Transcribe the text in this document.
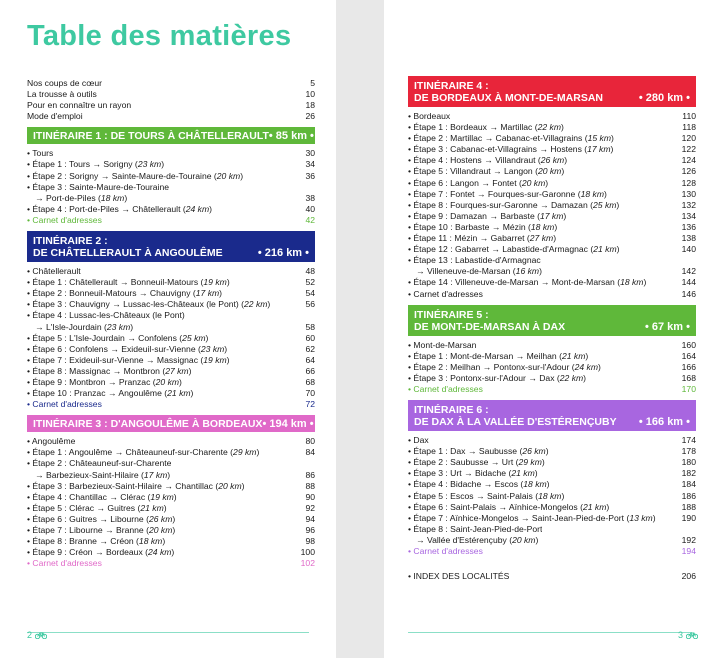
Table des matières
Nos coups de cœur	5
La trousse à outils	10
Pour en connaître un rayon	18
Mode d'emploi	26
ITINÉRAIRE 1 : DE TOURS À CHÂTELLERAULT • 85 km •
• Tours	30
• Étape 1 : Tours → Sorigny (23 km)	34
• Étape 2 : Sorigny → Sainte-Maure-de-Touraine (20 km)	36
• Étape 3 : Sainte-Maure-de-Touraine
→ Port-de-Piles (18 km)	38
• Étape 4 : Port-de-Piles → Châtellerault (24 km)	40
• Carnet d'adresses	42
ITINÉRAIRE 2 :
DE CHÂTELLERAULT À ANGOULÊME	• 216 km •
• Châtellerault	48
• Étape 1 : Châtellerault → Bonneuil-Matours (19 km)	52
• Étape 2 : Bonneuil-Matours → Chauvigny (17 km)	54
• Étape 3 : Chauvigny → Lussac-les-Châteaux (le Pont) (22 km)	56
• Étape 4 : Lussac-les-Châteaux (le Pont)
→ L'Isle-Jourdain (23 km)	58
• Étape 5 : L'Isle-Jourdain → Confolens (25 km)	60
• Étape 6 : Confolens → Exideuil-sur-Vienne (23 km)	62
• Étape 7 : Exideuil-sur-Vienne → Massignac (19 km)	64
• Étape 8 : Massignac → Montbron (27 km)	66
• Étape 9 : Montbron → Pranzac (20 km)	68
• Étape 10 : Pranzac → Angoulême (21 km)	70
• Carnet d'adresses	72
ITINÉRAIRE 3 : D'ANGOULÊME À BORDEAUX • 194 km •
• Angoulême	80
• Étape 1 : Angoulême → Châteauneuf-sur-Charente (29 km)	84
• Étape 2 : Châteauneuf-sur-Charente
→ Barbezieux-Saint-Hilaire (17 km)	86
• Étape 3 : Barbezieux-Saint-Hilaire → Chantillac (20 km)	88
• Étape 4 : Chantillac → Clérac (19 km)	90
• Étape 5 : Clérac → Guitres (21 km)	92
• Étape 6 : Guitres → Libourne (26 km)	94
• Étape 7 : Libourne → Branne (20 km)	96
• Étape 8 : Branne → Créon (18 km)	98
• Étape 9 : Créon → Bordeaux (24 km)	100
• Carnet d'adresses	102
2
ITINÉRAIRE 4 :
DE BORDEAUX À MONT-DE-MARSAN	• 280 km •
• Bordeaux	110
• Étape 1 : Bordeaux → Martillac (22 km)	118
• Étape 2 : Martillac → Cabanac-et-Villagrains (15 km)	120
• Étape 3 : Cabanac-et-Villagrains → Hostens (17 km)	122
• Étape 4 : Hostens → Villandraut (26 km)	124
• Étape 5 : Villandraut → Langon (20 km)	126
• Étape 6 : Langon → Fontet (20 km)	128
• Étape 7 : Fontet → Fourques-sur-Garonne (18 km)	130
• Étape 8 : Fourques-sur-Garonne → Damazan (25 km)	132
• Étape 9 : Damazan → Barbaste (17 km)	134
• Étape 10 : Barbaste → Mézin (18 km)	136
• Étape 11 : Mézin → Gabarret (27 km)	138
• Étape 12 : Gabarret → Labastide-d'Armagnac (21 km)	140
• Étape 13 : Labastide-d'Armagnac
→ Villeneuve-de-Marsan (16 km)	142
• Étape 14 : Villeneuve-de-Marsan → Mont-de-Marsan (18 km)	144
• Carnet d'adresses	146
ITINÉRAIRE 5 :
DE MONT-DE-MARSAN À DAX	• 67 km •
• Mont-de-Marsan	160
• Étape 1 : Mont-de-Marsan → Meilhan (21 km)	164
• Étape 2 : Meilhan → Pontonx-sur-l'Adour (24 km)	166
• Étape 3 : Pontonx-sur-l'Adour → Dax (22 km)	168
• Carnet d'adresses	170
ITINÉRAIRE 6 :
DE DAX À LA VALLÉE D'ESTÉRENÇUBY • 166 km •
• Dax	174
• Étape 1 : Dax → Saubusse (26 km)	178
• Étape 2 : Saubusse → Urt (29 km)	180
• Étape 3 : Urt → Bidache (21 km)	182
• Étape 4 : Bidache → Escos (18 km)	184
• Étape 5 : Escos → Saint-Palais (18 km)	186
• Étape 6 : Saint-Palais → Aïnhice-Mongelos (21 km)	188
• Étape 7 : Aïnhice-Mongelos → Saint-Jean-Pied-de-Port (13 km)	190
• Étape 8 : Saint-Jean-Pied-de-Port
→ Vallée d'Estérençuby (20 km)	192
• Carnet d'adresses	194
• INDEX DES LOCALITÉS	206
3
